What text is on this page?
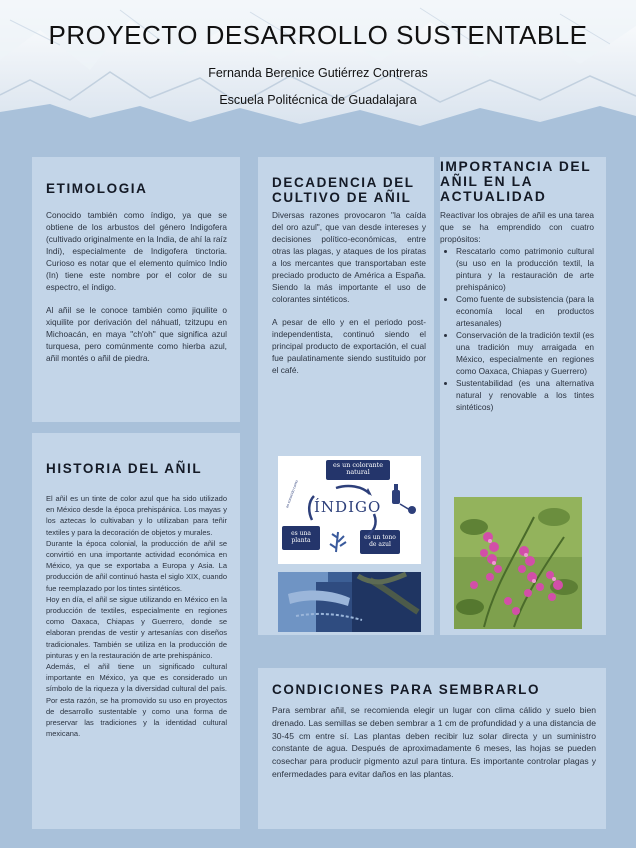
PROYECTO DESARROLLO SUSTENTABLE
Fernanda Berenice Gutiérrez Contreras
Escuela Politécnica de Guadalajara
ETIMOLOGIA

Conocido también como índigo, ya que se obtiene de los arbustos del género Indigofera (cultivado originalmente en la India, de ahí la raíz Indi), especialmente de Indigofera tinctoria. Curioso es notar que el elemento químico Indio (In) tiene este nombre por el color de su espectro, el índigo.

Al añil se le conoce también como jiquilite o xiquilite por derivación del náhuatl, tzitzupu en Michoacán, en maya "ch'oh" que significa azul turquesa, pero comúnmente como hierba azul, añil montés o añil de piedra.

HISTORIA DEL AÑIL

El añil es un tinte de color azul que ha sido utilizado en México desde la época prehispánica. Los mayas y los aztecas lo cultivaban y lo utilizaban para teñir textiles y para la decoración de objetos y murales.

Durante la época colonial, la producción de añil se convirtió en una importante actividad económica en México, ya que se exportaba a Europa y Asia. La producción de añil continuó hasta el siglo XIX, cuando fue reemplazado por los tintes sintéticos.

Hoy en día, el añil se sigue utilizando en México en la producción de textiles, especialmente en regiones como Oaxaca, Chiapas y Guerrero, donde se elaboran prendas de vestir y artesanías con diseños tradicionales. También se utiliza en la producción de pinturas y en la restauración de arte prehispánico.

Además, el añil tiene un significado cultural importante en México, ya que es considerado un símbolo de la riqueza y la diversidad cultural del país. Por esta razón, se ha promovido su uso en proyectos de desarrollo sustentable y como una forma de preservar las tradiciones y la identidad cultural mexicana.

DECADENCIA DEL
CULTIVO DE AÑIL

Diversas razones provocaron "la caída del oro azul", que van desde intereses y decisiones político-económicas, entre otras las plagas, y ataques de los piratas a los mercantes que transportaban este preciado producto de América a España. Siendo la más importante el uso de colorantes sintéticos.

A pesar de ello y en el periodo post-independentista, continuó siendo el principal producto de exportación, el cual fue paulatinamente siendo sustituido por el café.

es un colorante natural
ÍNDIGO
es una planta	es un tono de azul
es conocido como
IMPORTANCIA DEL
AÑIL EN LA
ACTUALIDAD

Reactivar los obrajes de añil es una tarea que se ha emprendido con cuatro propósitos:

• Rescatarlo como patrimonio cultural (su uso en la producción textil, la pintura y la restauración de arte prehispánico)
• Como fuente de subsistencia (para la economía local en productos artesanales)
• Conservación de la tradición textil (es una tradición muy arraigada en México, especialmente en regiones como Oaxaca, Chiapas y Guerrero)
• Sustentabilidad (es una alternativa natural y renovable a los tintes sintéticos)
CONDICIONES PARA SEMBRARLO

Para sembrar añil, se recomienda elegir un lugar con clima cálido y suelo bien drenado. Las semillas se deben sembrar a 1 cm de profundidad y a una distancia de 30-45 cm entre sí. Las plantas deben recibir luz solar directa y un suministro constante de agua. Después de aproximadamente 6 meses, las hojas se pueden cosechar para producir pigmento azul para tintura. Es importante controlar plagas y enfermedades para evitar daños en las plantas.
